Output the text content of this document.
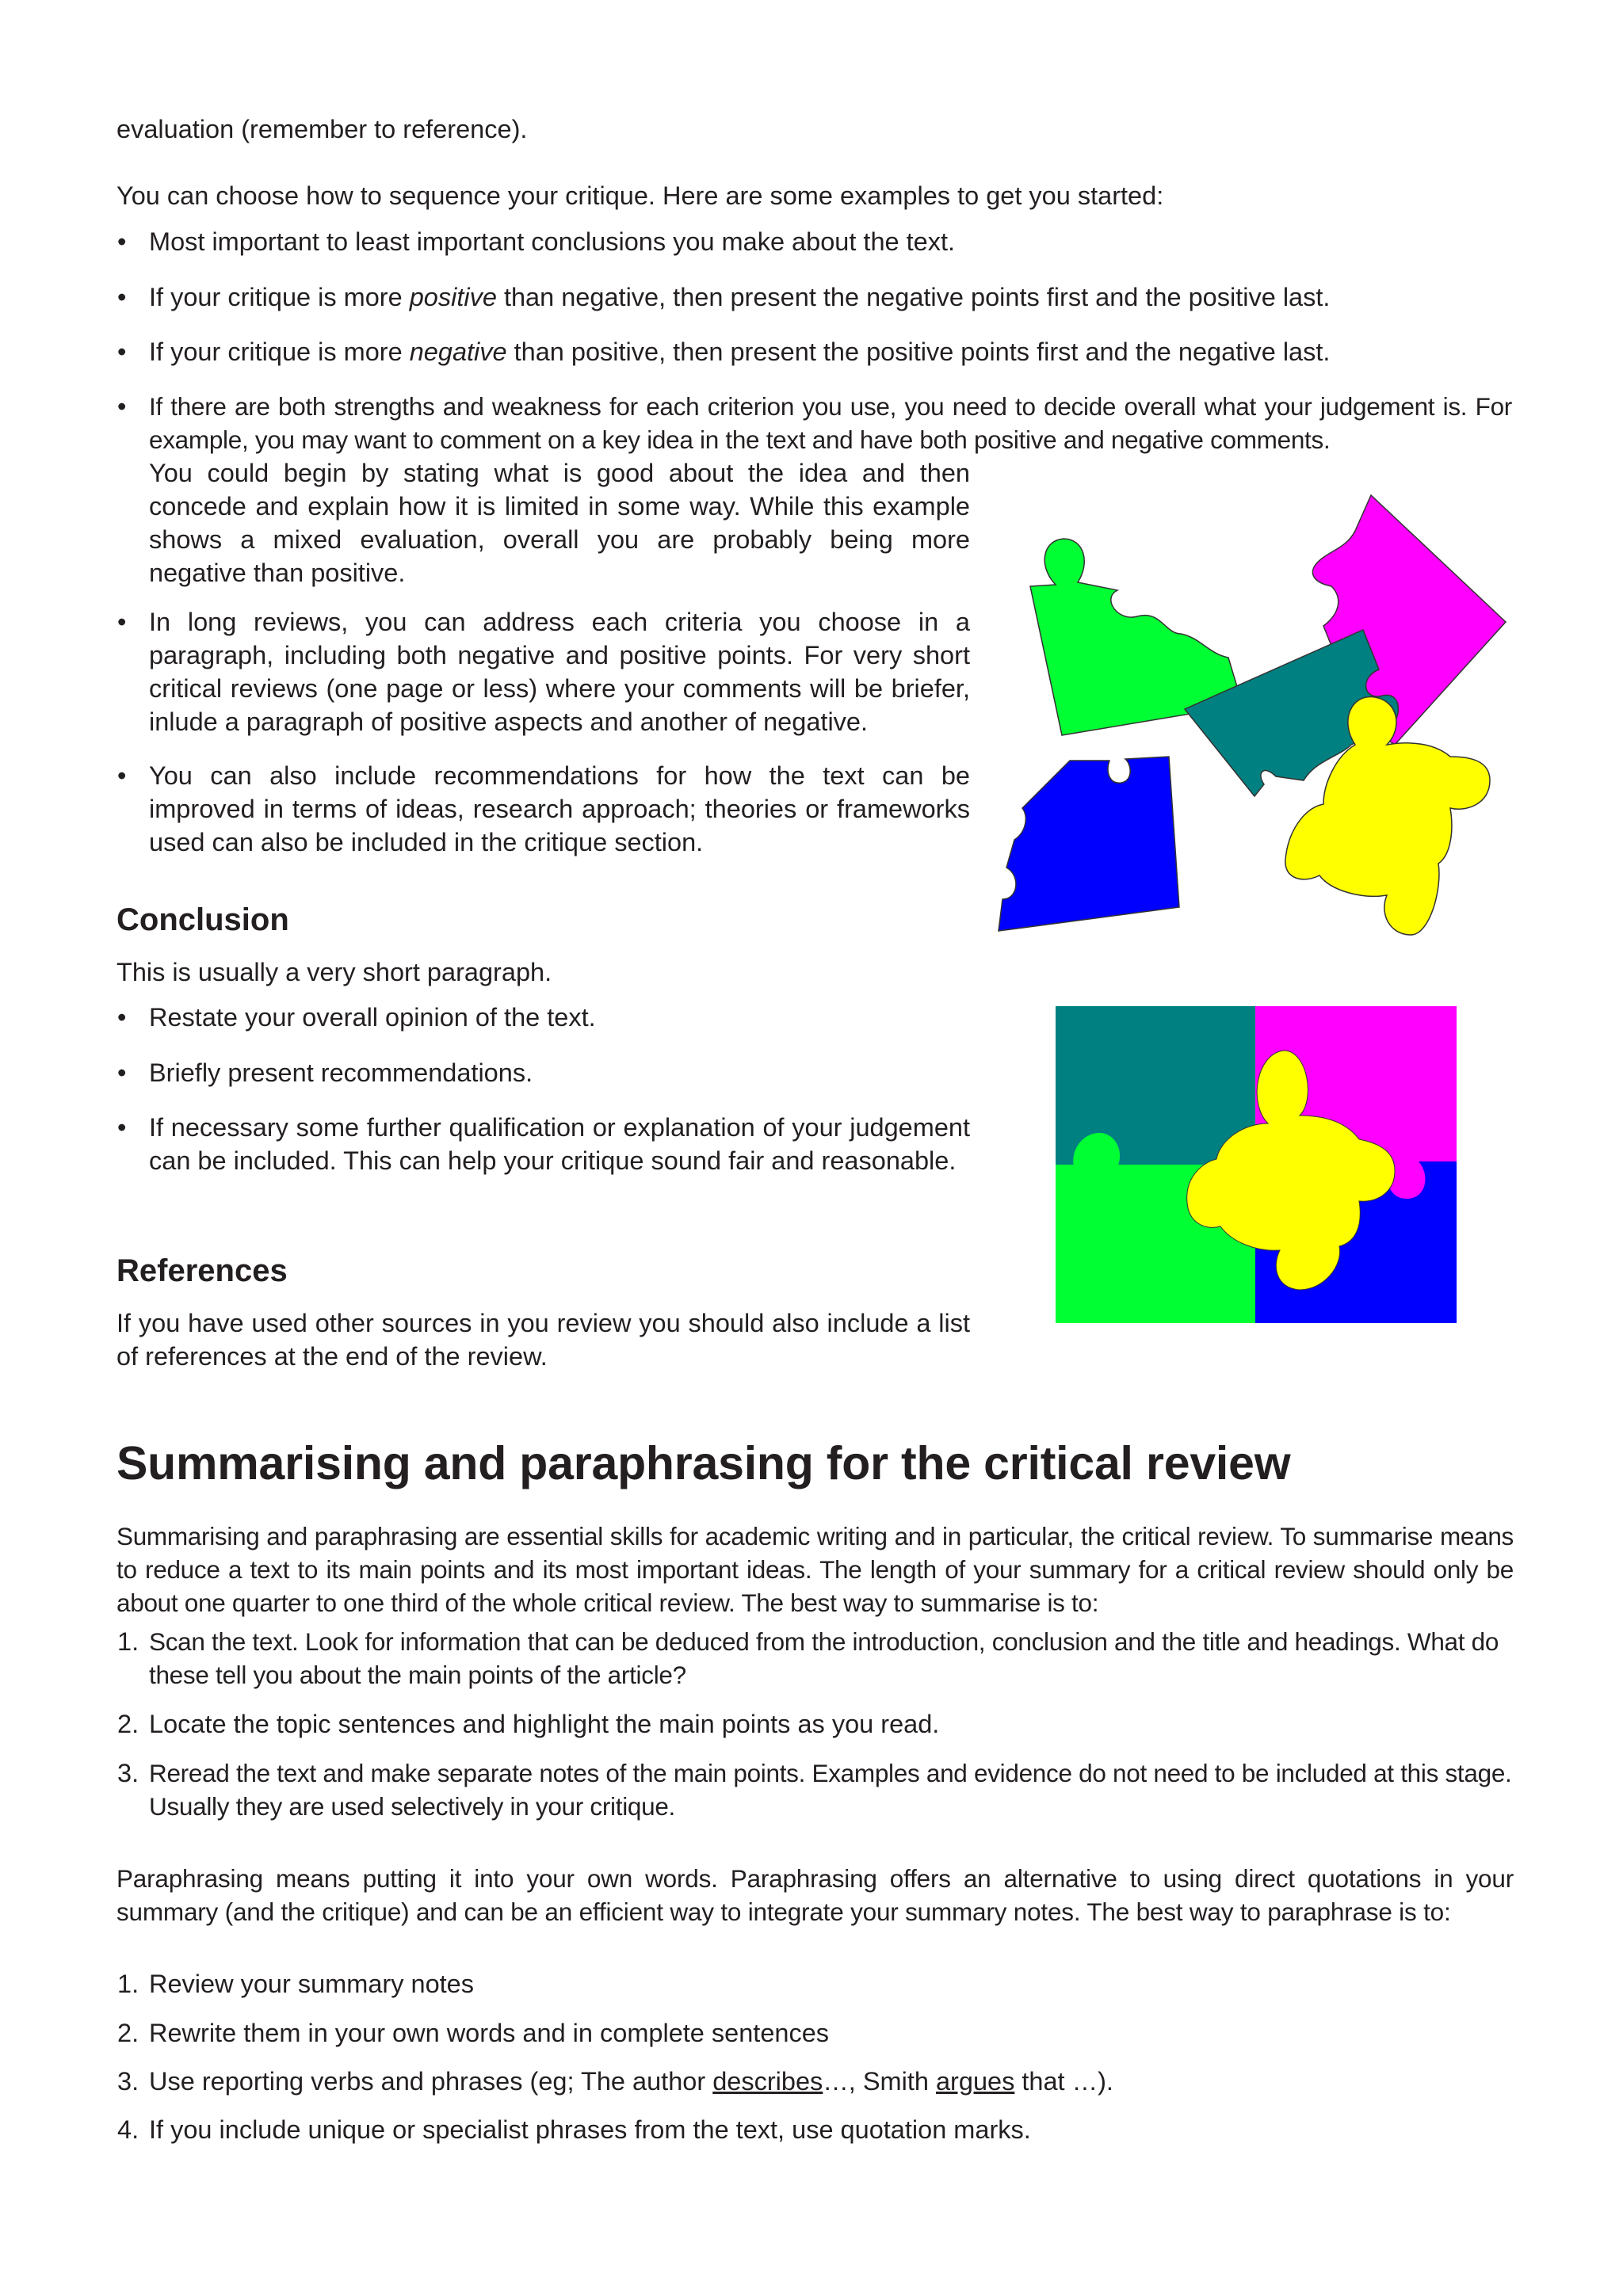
evaluation (remember to reference).

You can choose how to sequence your critique. Here are some examples to get you started:

• Most important to least important conclusions you make about the text.
• If your critique is more positive than negative, then present the negative points first and the positive last.
• If your critique is more negative than positive, then present the positive points first and the negative last.
• If there are both strengths and weakness for each criterion you use, you need to decide overall what your judgement is. For example, you may want to comment on a key idea in the text and have both positive and negative comments.
You could begin by stating what is good about the idea and then concede and explain how it is limited in some way. While this example shows a mixed evaluation, overall you are probably being more negative than positive.
• In long reviews, you can address each criteria you choose in a paragraph, including both negative and positive points. For very short critical reviews (one page or less) where your comments will be briefer, inlude a paragraph of positive aspects and another of negative.
• You can also include recommendations for how the text can be improved in terms of ideas, research approach; theories or frameworks used can also be included in the critique section.
Conclusion

This is usually a very short paragraph.

• Restate your overall opinion of the text.
• Briefly present recommendations.
• If necessary some further qualification or explanation of your judgement can be included. This can help your critique sound fair and reasonable.
References

If you have used other sources in you review you should also include a list of references at the end of the review.

Summarising and paraphrasing for the critical review

Summarising and paraphrasing are essential skills for academic writing and in particular, the critical review. To summarise means to reduce a text to its main points and its most important ideas. The length of your summary for a critical review should only be about one quarter to one third of the whole critical review. The best way to summarise is to:

1. Scan the text. Look for information that can be deduced from the introduction, conclusion and the title and headings. What do these tell you about the main points of the article?
2. Locate the topic sentences and highlight the main points as you read.
3. Reread the text and make separate notes of the main points. Examples and evidence do not need to be included at this stage. Usually they are used selectively in your critique.

Paraphrasing means putting it into your own words. Paraphrasing offers an alternative to using direct quotations in your summary (and the critique) and can be an efficient way to integrate your summary notes. The best way to paraphrase is to:

1. Review your summary notes
2. Rewrite them in your own words and in complete sentences
3. Use reporting verbs and phrases (eg; The author describes…, Smith argues that …).
4. If you include unique or specialist phrases from the text, use quotation marks.
